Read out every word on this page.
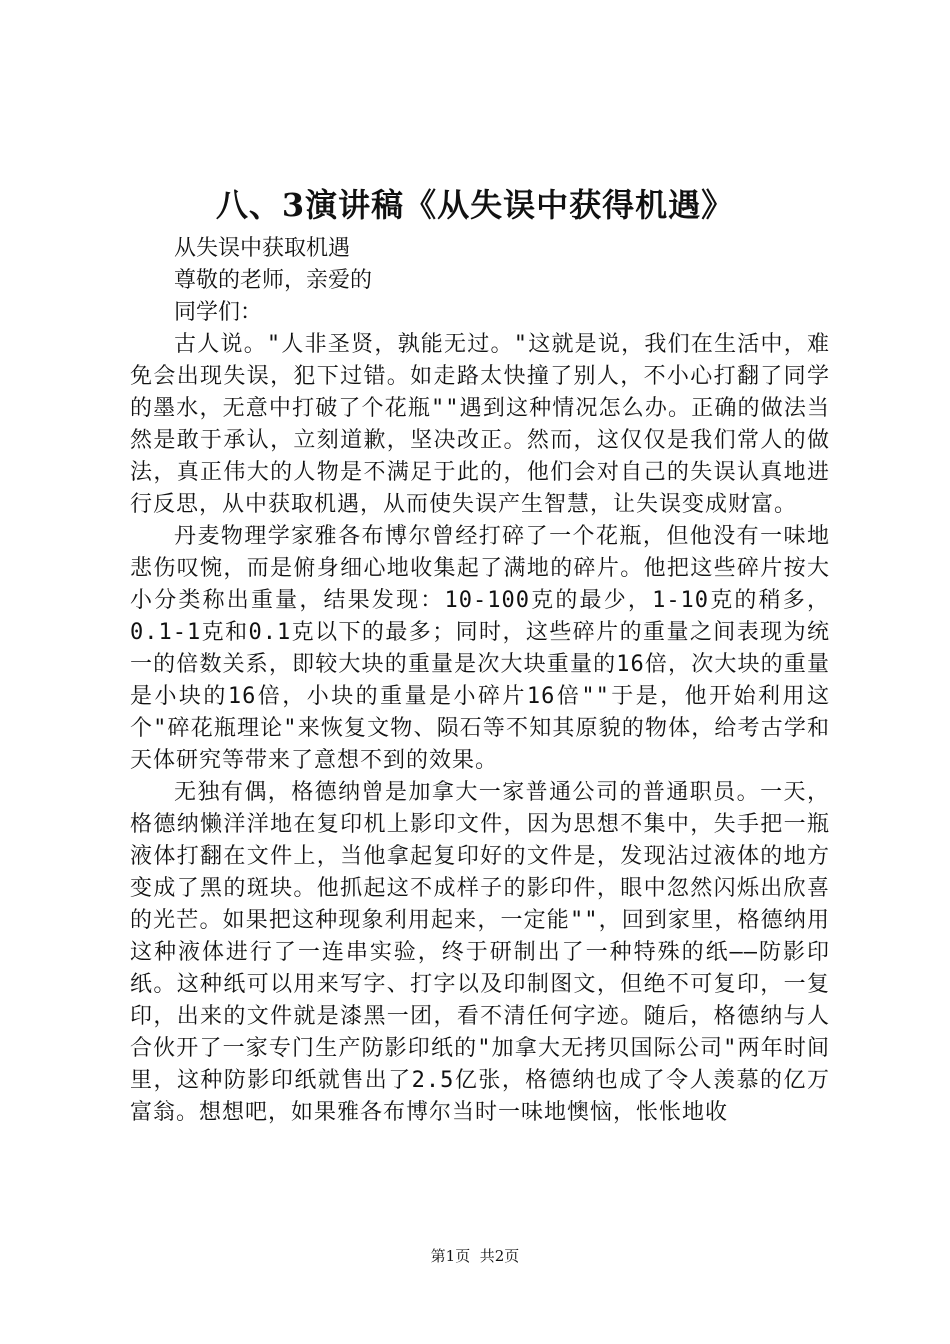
八、3演讲稿《从失误中获得机遇》
从失误中获取机遇
尊敬的老师，亲爱的
同学们：

古人说。"人非圣贤，孰能无过。"这就是说，我们在生活中，难免会出现失误，犯下过错。如走路太快撞了别人，不小心打翻了同学的墨水，无意中打破了个花瓶""遇到这种情况怎么办。正确的做法当然是敢于承认，立刻道歉，坚决改正。然而，这仅仅是我们常人的做法，真正伟大的人物是不满足于此的，他们会对自己的失误认真地进行反思，从中获取机遇，从而使失误产生智慧，让失误变成财富。

丹麦物理学家雅各布博尔曾经打碎了一个花瓶，但他没有一味地悲伤叹惋，而是俯身细心地收集起了满地的碎片。他把这些碎片按大小分类称出重量，结果发现：10-100克的最少，1-10克的稍多，0.1-1克和0.1克以下的最多；同时，这些碎片的重量之间表现为统一的倍数关系，即较大块的重量是次大块重量的16倍，次大块的重量是小块的16倍，小块的重量是小碎片16倍""于是，他开始利用这个"碎花瓶理论"来恢复文物、陨石等不知其原貌的物体，给考古学和天体研究等带来了意想不到的效果。

无独有偶，格德纳曾是加拿大一家普通公司的普通职员。一天，格德纳懒洋洋地在复印机上影印文件，因为思想不集中，失手把一瓶液体打翻在文件上，当他拿起复印好的文件是，发现沾过液体的地方变成了黑的斑块。他抓起这不成样子的影印件，眼中忽然闪烁出欣喜的光芒。如果把这种现象利用起来，一定能""，回到家里，格德纳用这种液体进行了一连串实验，终于研制出了一种特殊的纸——防影印纸。这种纸可以用来写字、打字以及印制图文，但绝不可复印，一复印，出来的文件就是漆黑一团，看不清任何字迹。随后，格德纳与人合伙开了一家专门生产防影印纸的"加拿大无拷贝国际公司"两年时间里，这种防影印纸就售出了2.5亿张，格德纳也成了令人羡慕的亿万富翁。想想吧，如果雅各布博尔当时一味地懊恼，怅怅地收

第1页 共2页
